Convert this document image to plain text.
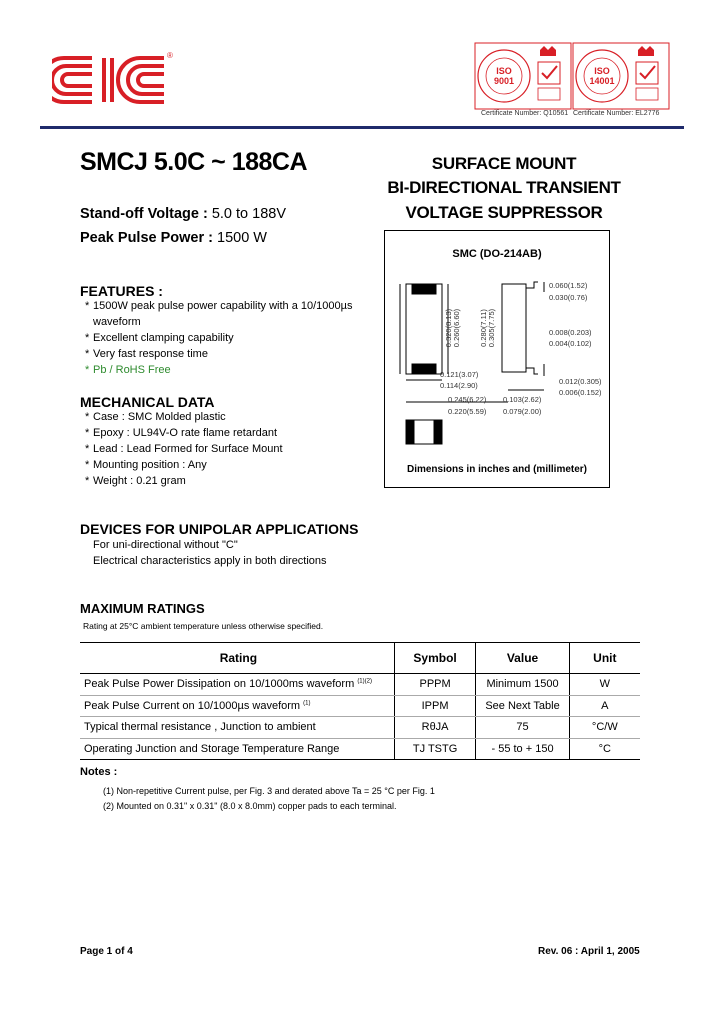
®
ISO
9001
Certificate Number: Q10561
ISO
14001
Certificate Number: EL2776
SMCJ 5.0C ~ 188CA
Stand-off Voltage : 5.0 to 188V
Peak Pulse Power : 1500 W
SURFACE MOUNT
BI-DIRECTIONAL TRANSIENT
VOLTAGE SUPPRESSOR
SMC (DO-214AB)
0.320(8.13) 0.260(6.60) 0.280(7.11) 0.305(7.75)
0.060(1.52)
0.030(0.76)
0.008(0.203)
0.004(0.102)
0.012(0.305)
0.006(0.152)
0.121(3.07)
0.114(2.90)
0.245(6.22)
0.220(5.59)
0.103(2.62)
0.079(2.00)
Dimensions in inches and (millimeter)
FEATURES :
* 1500W peak pulse power capability with a 10/1000µs
waveform
* Excellent clamping capability
* Very fast response time
* Pb / RoHS Free
MECHANICAL DATA
* Case : SMC Molded plastic
* Epoxy : UL94V-O rate flame retardant
* Lead : Lead Formed for Surface Mount
* Mounting position : Any
* Weight : 0.21 gram
DEVICES FOR UNIPOLAR APPLICATIONS
For uni-directional without "C"
Electrical characteristics apply in both directions
MAXIMUM RATINGS
Rating at 25°C ambient temperature unless otherwise specified.
Rating	Symbol	Value	Unit
Peak Pulse Power Dissipation on 10/1000ms waveform $^{(1)(2)}$	PPPM	Minimum 1500	W
Peak Pulse Current on 10/1000µs waveform $^{(1)}$	IPPM	See Next Table	A
Typical thermal resistance , Junction to ambient	RθJA	75	°C/W
Operating Junction and Storage Temperature Range	TJ TSTG	- 55 to + 150	°C
Notes :
(1) Non-repetitive Current pulse, per Fig. 3 and derated above Ta = 25 °C per Fig. 1
(2) Mounted on 0.31" x 0.31" (8.0 x 8.0mm) copper pads to each terminal.
Page 1 of 4	Rev. 06 : April 1, 2005
